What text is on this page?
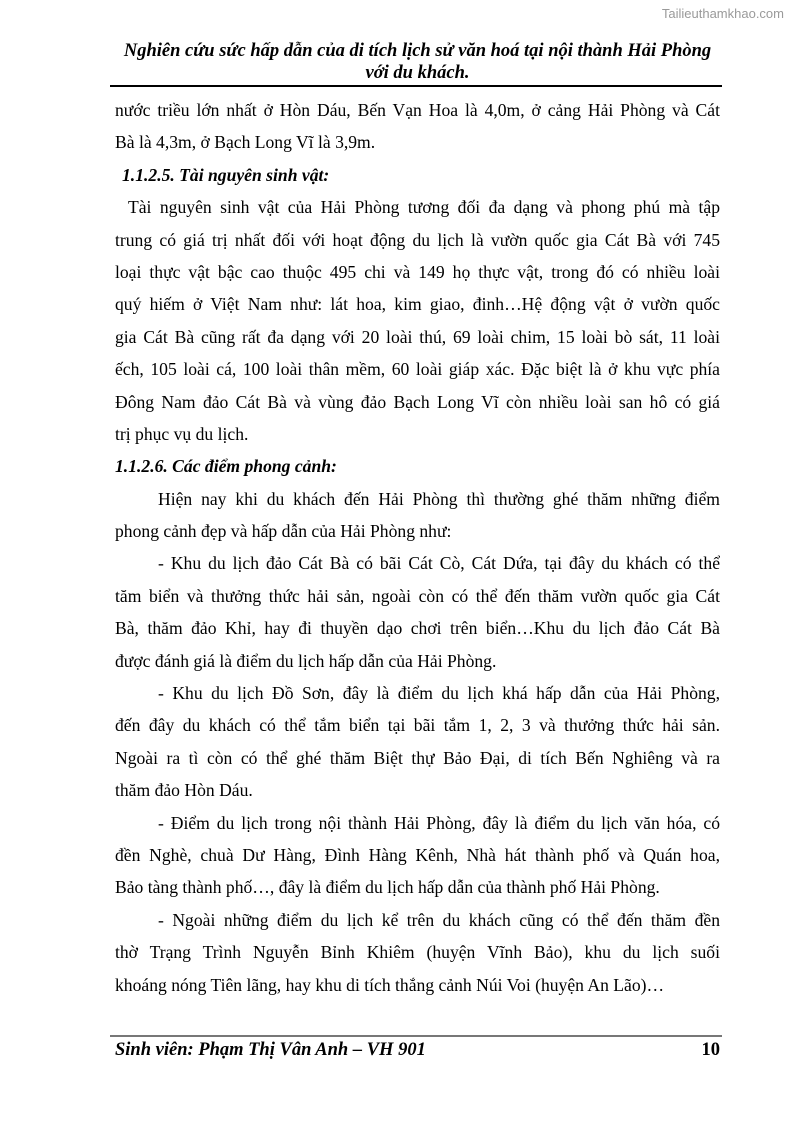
Tailieuthamkhao.com
Nghiên cứu sức hấp dẫn của di tích lịch sử văn hoá tại nội thành Hải Phòng
với du khách.
nước triều lớn nhất ở Hòn Dáu, Bến Vạn Hoa là 4,0m, ở cảng Hải Phòng và Cát
Bà là 4,3m, ở Bạch Long Vĩ là 3,9m.
1.1.2.5. Tài nguyên sinh vật:
Tài nguyên sinh vật của Hải Phòng tương đối đa dạng và phong phú mà tập
trung có giá trị nhất đối với hoạt động du lịch là vườn quốc gia Cát Bà với 745
loại thực vật bậc cao thuộc 495 chi và 149 họ thực vật, trong đó có nhiều loài
quý hiếm ở Việt Nam như: lát hoa, kim giao, đinh…Hệ động vật ở vườn quốc
gia Cát Bà cũng rất đa dạng với 20 loài thú, 69 loài chim, 15 loài bò sát, 11 loài
ếch, 105 loài cá, 100 loài thân mềm, 60 loài giáp xác. Đặc biệt là ở khu vực phía
Đông Nam đảo Cát Bà và vùng đảo Bạch Long Vĩ còn nhiều loài san hô có giá
trị phục vụ du lịch.
1.1.2.6. Các điểm phong cảnh:
Hiện nay khi du khách đến Hải Phòng thì thường ghé thăm những điểm
phong cảnh đẹp và hấp dẫn của Hải Phòng như:
- Khu du lịch đảo Cát Bà có bãi Cát Cò, Cát Dứa, tại đây du khách có thể
tăm biển và thưởng thức hải sản, ngoài còn có thể đến thăm vườn quốc gia Cát
Bà, thăm đảo Khỉ, hay đi thuyền dạo chơi trên biển…Khu du lịch đảo Cát Bà
được đánh giá là điểm du lịch hấp dẫn của Hải Phòng.
- Khu du lịch Đồ Sơn, đây là điểm du lịch khá hấp dẫn của Hải Phòng,
đến đây du khách có thể tắm biển tại bãi tắm 1, 2, 3 và thưởng thức hải sản.
Ngoài ra tì còn có thể ghé thăm Biệt thự Bảo Đại, di tích Bến Nghiêng và ra
thăm đảo Hòn Dáu.
- Điểm du lịch trong nội thành Hải Phòng, đây là điểm du lịch văn hóa, có
đền Nghè, chuà Dư Hàng, Đình Hàng Kênh, Nhà hát thành phố và Quán hoa,
Bảo tàng thành phố…, đây là điểm du lịch hấp dẫn của thành phố Hải Phòng.
- Ngoài những điểm du lịch kể trên du khách cũng có thể đến thăm đền
thờ Trạng Trình Nguyễn Bỉnh Khiêm (huyện Vĩnh Bảo), khu du lịch suối
khoáng nóng Tiên lãng, hay khu di tích thắng cảnh Núi Voi (huyện An Lão)…
Sinh viên: Phạm Thị Vân Anh – VH 901	10
